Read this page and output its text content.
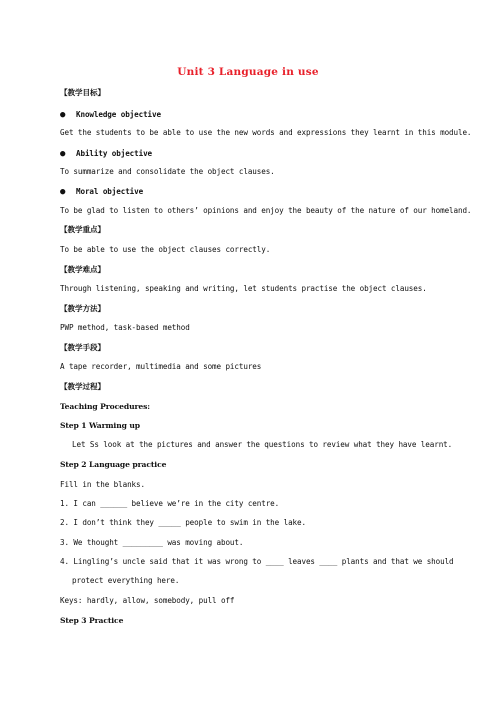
Unit 3 Language in use
【教学目标】
● Knowledge objective
Get the students to be able to use the new words and expressions they learnt in this module.
● Ability objective
To summarize and consolidate the object clauses.
● Moral objective
To be glad to listen to others’ opinions and enjoy the beauty of the nature of our homeland.
【教学重点】
To be able to use the object clauses correctly.
【教学难点】
Through listening, speaking and writing, let students practise the object clauses.
【教学方法】
PWP method, task-based method
【教学手段】
A tape recorder, multimedia and some pictures
【教学过程】
Teaching Procedures:
Step 1 Warming up
Let Ss look at the pictures and answer the questions to review what they have learnt.
Step 2 Language practice
Fill in the blanks.
1. I can ______ believe we’re in the city centre.
2. I don’t think they _____ people to swim in the lake.
3. We thought _________ was moving about.
4. Lingling’s uncle said that it was wrong to ____ leaves ____ plants and that we should
protect everything here.
Keys: hardly, allow, somebody, pull off
Step 3 Practice
